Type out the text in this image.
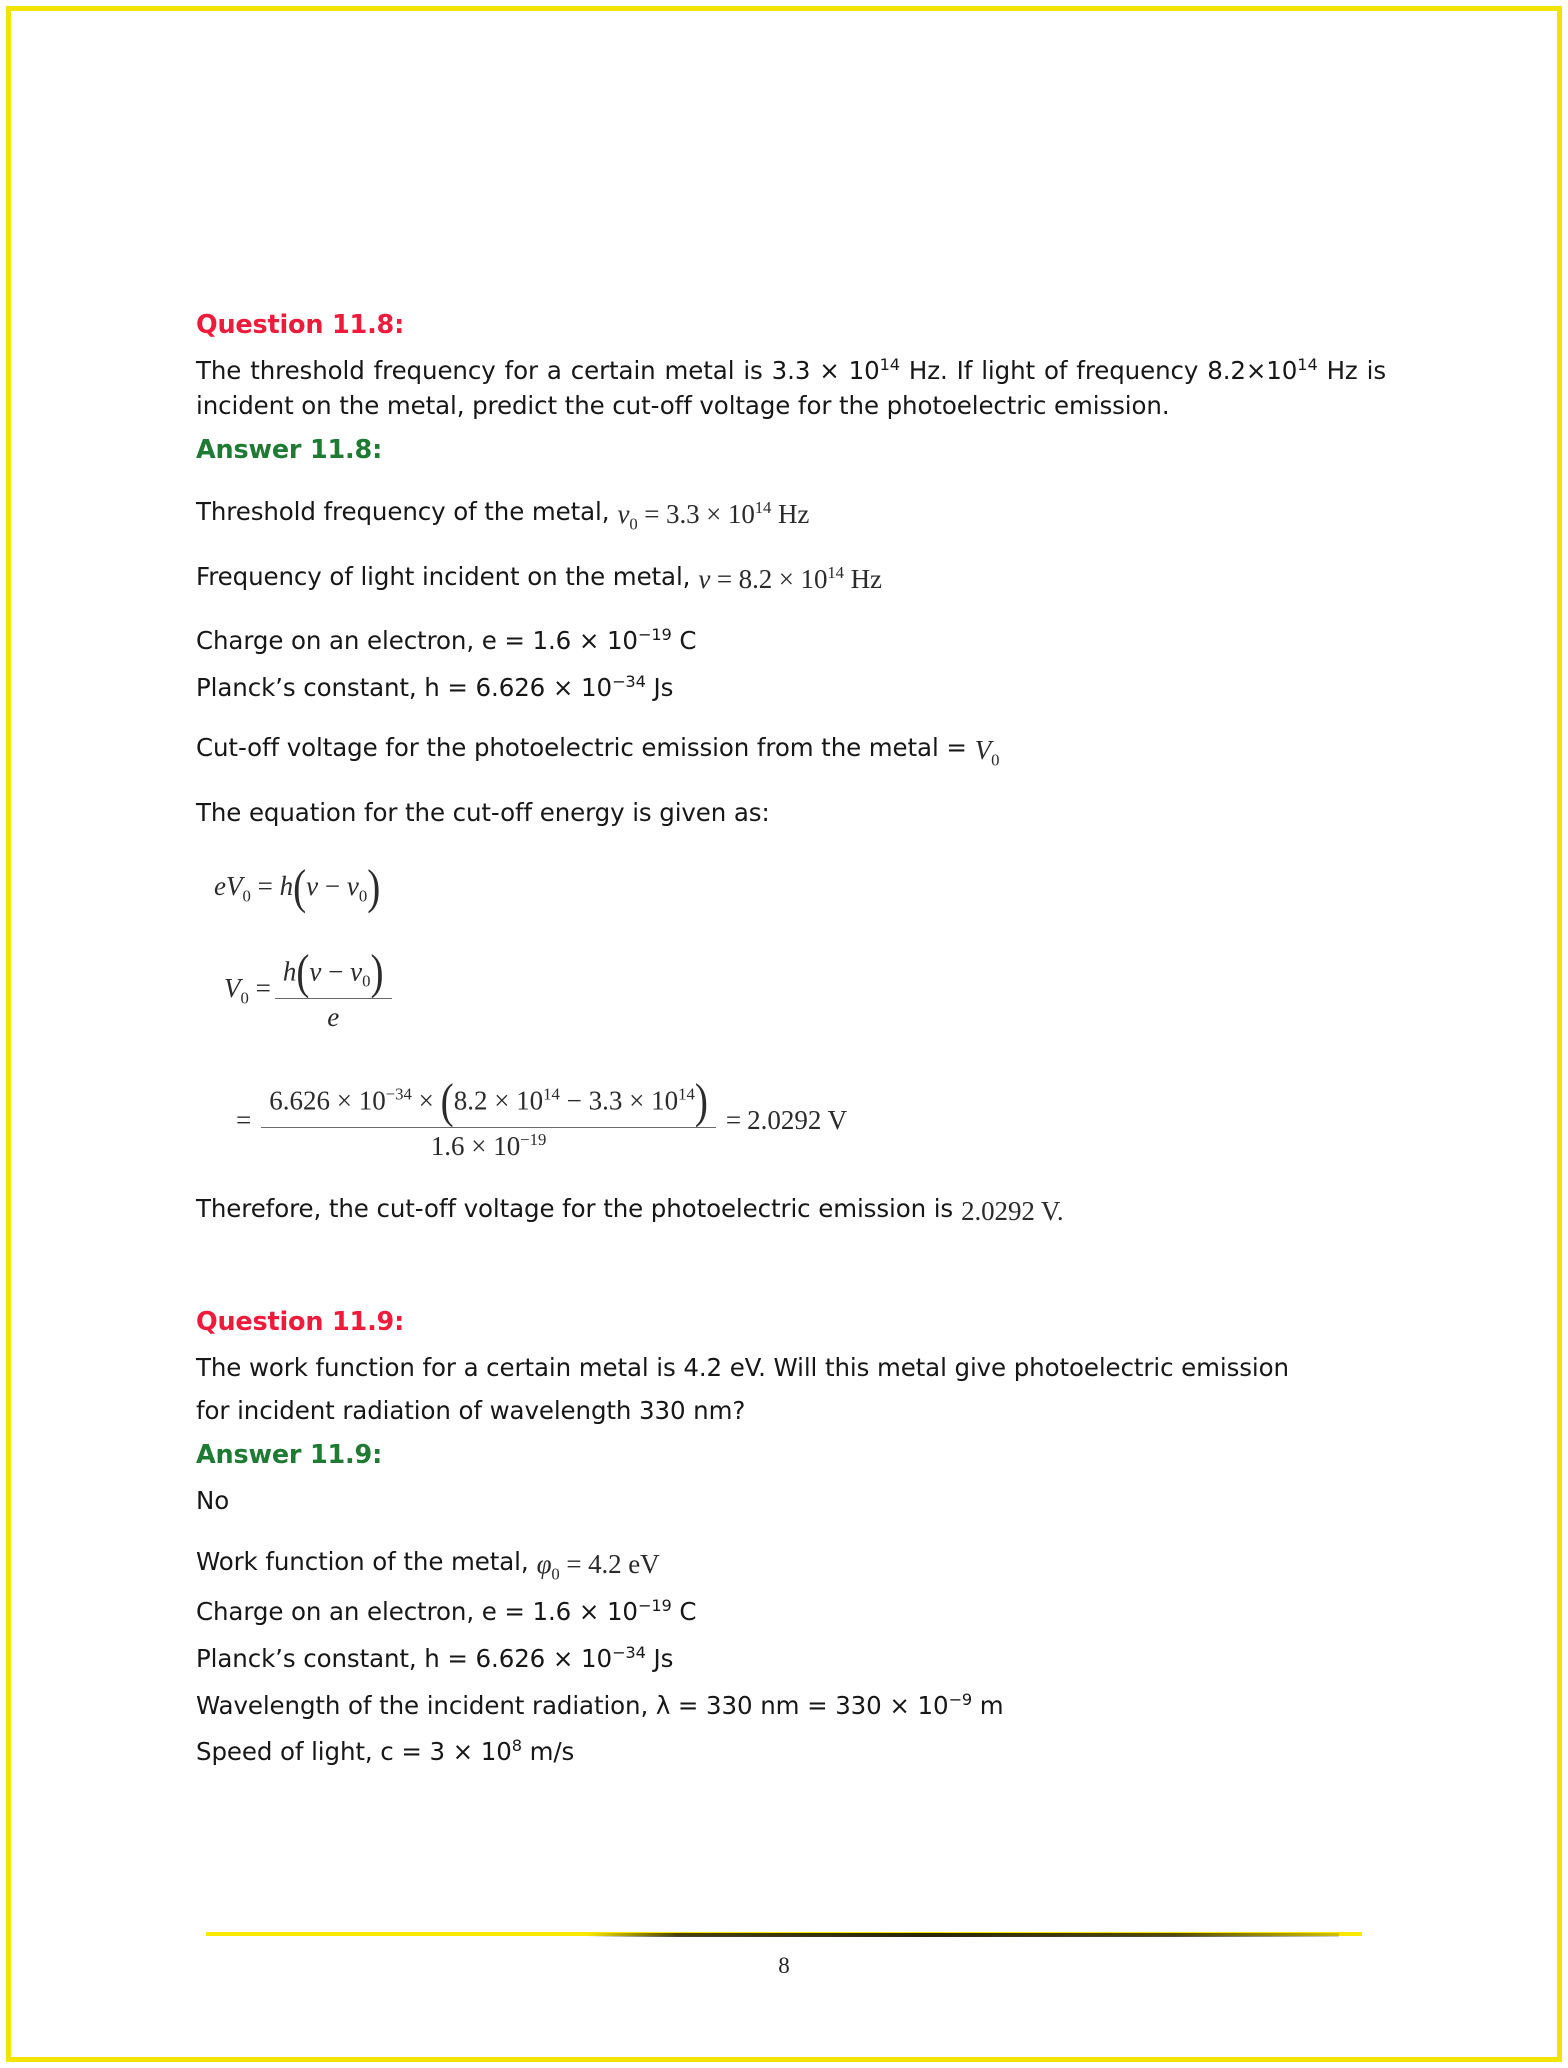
Question 11.8:

The threshold frequency for a certain metal is $3.3 \times 10^{14}$ Hz. If light of frequency $8.2\times 10^{14}$ Hz is incident on the metal, predict the cut-off voltage for the photoelectric emission.

Answer 11.8:

Threshold frequency of the metal, $v_0 = 3.3 \times 10^{14}$ Hz

Frequency of light incident on the metal, $v = 8.2 \times 10^{14}$ Hz

Charge on an electron, $e = 1.6 \times 10^{-19}$ C

Planck’s constant, $h = 6.626 \times 10^{-34}$ Js

Cut-off voltage for the photoelectric emission from the metal = $V_0$

The equation for the cut-off energy is given as:

$eV_0 = h(v - v_0)$
$V_0 = \frac{h(v - v_0)}{e}$
= $\frac{6.626 \times 10^{-34} \times (8.2 \times 10^{14} - 3.3 \times 10^{14})}{1.6 \times 10^{-19}} = 2.0292$ V

Therefore, the cut-off voltage for the photoelectric emission is 2.0292 V.

Question 11.9:

The work function for a certain metal is 4.2 eV. Will this metal give photoelectric emission

for incident radiation of wavelength 330 nm?

Answer 11.9:

No

Work function of the metal, $\varphi_0 = 4.2$ eV

Charge on an electron, $e = 1.6 \times 10^{-19}$ C

Planck’s constant, $h = 6.626 \times 10^{-34}$ Js

Wavelength of the incident radiation, λ = 330 nm = $330 \times 10^{-9}$ m

Speed of light, $c = 3 \times 10^8$ m/s

8
